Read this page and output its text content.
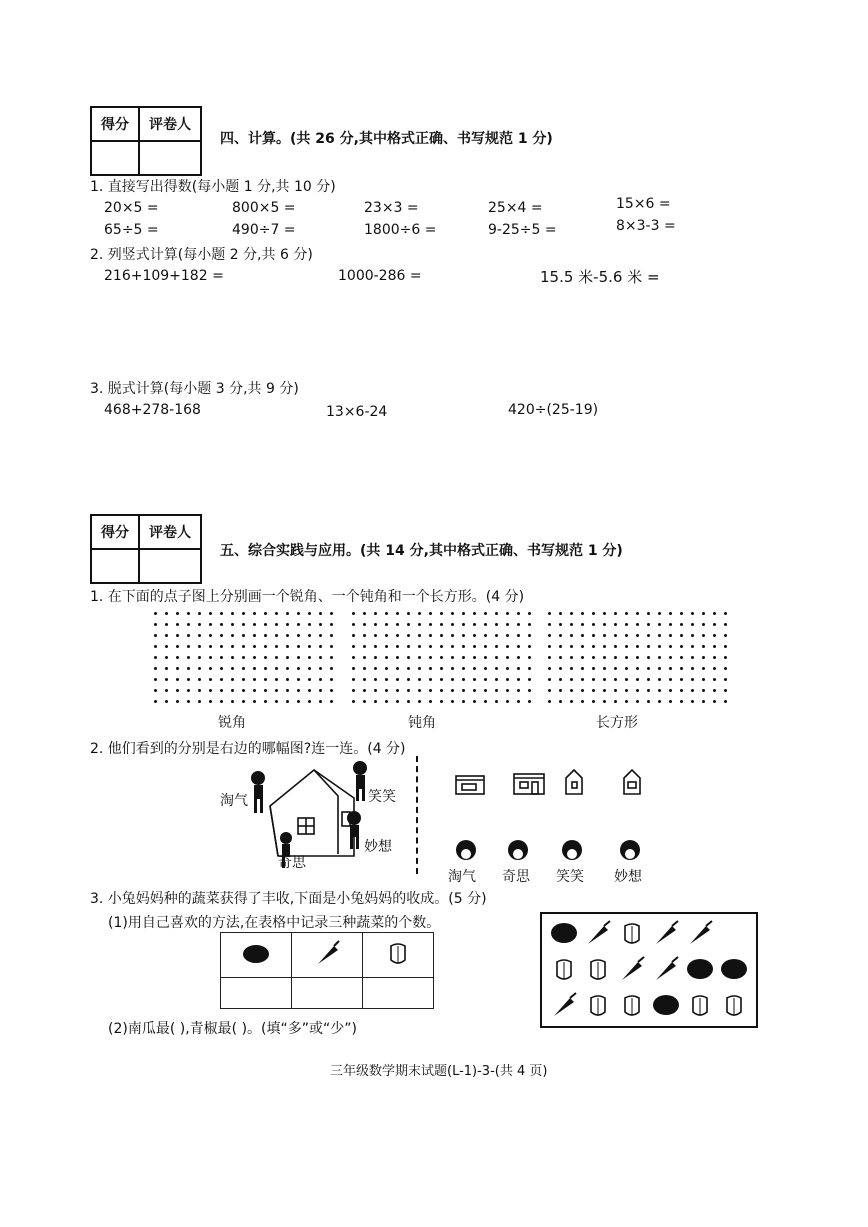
得分	评卷人

四、计算。(共 26 分,其中格式正确、书写规范 1 分)
1. 直接写出得数(每小题 1 分,共 10 分)
20×5 =	800×5 =	23×3 =	25×4 =	15×6 =
65÷5 =	490÷7 =	1800÷6 =	9-25÷5 =	8×3-3 =
2. 列竖式计算(每小题 2 分,共 6 分)
216+109+182 =	1000-286 =	15.5 米-5.6 米 =
3. 脱式计算(每小题 3 分,共 9 分)
468+278-168	13×6-24	420÷(25-19)
得分	评卷人

五、综合实践与应用。(共 14 分,其中格式正确、书写规范 1 分)
1. 在下面的点子图上分别画一个锐角、一个钝角和一个长方形。(4 分)
锐角	钝角	长方形
2. 他们看到的分别是右边的哪幅图?连一连。(4 分)
淘气	笑笑
奇思
妙想
淘气 奇思 笑笑 妙想
3. 小兔妈妈种的蔬菜获得了丰收,下面是小兔妈妈的收成。(5 分)
(1)用自己喜欢的方法,在表格中记录三种蔬菜的个数。

(2)南瓜最( ),青椒最( )。(填“多”或“少”)
三年级数学期末试题(L-1)-3-(共 4 页)
